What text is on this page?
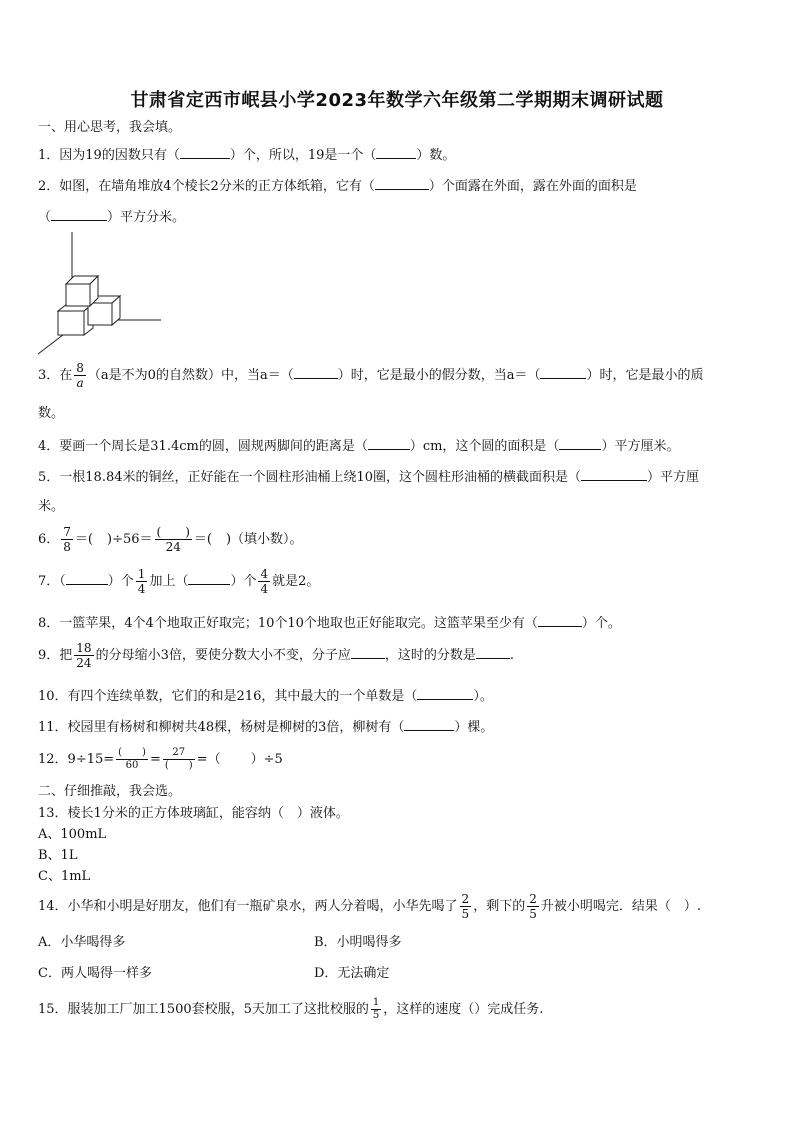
甘肃省定西市岷县小学2023年数学六年级第二学期期末调研试题
一、用心思考，我会填。
1．因为19的因数只有（	）个，所以，19是一个（	）数。
2．如图，在墙角堆放4个棱长2分米的正方体纸箱，它有（	）个面露在外面，露在外面的面积是
（	）平方分米。
3．在 $\frac{8}{a} (a$是不为0的自然数）中，当a＝（	）时，它是最小的假分数，当a＝（	）时，它是最小的质
数。
4．要画一个周长是31.4cm的圆，圆规两脚间的距离是（	）cm，这个圆的面积是（	）平方厘米。
5．一根18.84米的铜丝，正好能在一个圆柱形油桶上绕10圈，这个圆柱形油桶的横截面积是（	）平方厘
米。
6． $\frac{7}{8}$ ＝( )$\div 56= \frac{( )}{24}$ ＝( )（填小数）。
7．（	）个 $\frac{1}{4}$ 加上（	）个 $\frac{4}{4}$ 就是2。
8．一篮苹果，4个4个地取正好取完；10个10个地取也正好能取完。这篮苹果至少有（	）个。
9．把 $\frac{18}{24}$ 的分母缩小3倍，要使分数大小不变，分子应	，这时的分数是	.
10．有四个连续单数，它们的和是216，其中最大的一个单数是（	）。
11．校园里有杨树和柳树共48棵，杨树是柳树的3倍，柳树有（	）棵。
12．$9\div 15= \frac{( )}{60} = \frac{27}{( )}$ =（ ）÷5
二、仔细推敲，我会选。
13．棱长1分米的正方体玻璃缸，能容纳（　）液体。
A、100mL
B、1L
C、1mL
14．小华和小明是好朋友，他们有一瓶矿泉水，两人分着喝，小华先喝了 $\frac{2}{5}$ ，剩下的 $\frac{2}{5}$ 升被小明喝完．结果（　）.
A．小华喝得多	B．小明喝得多
C．两人喝得一样多	D．无法确定
15．服装加工厂加工1500套校服，5天加工了这批校服的 $\frac{1}{5}$ ，这样的速度（）完成任务.
